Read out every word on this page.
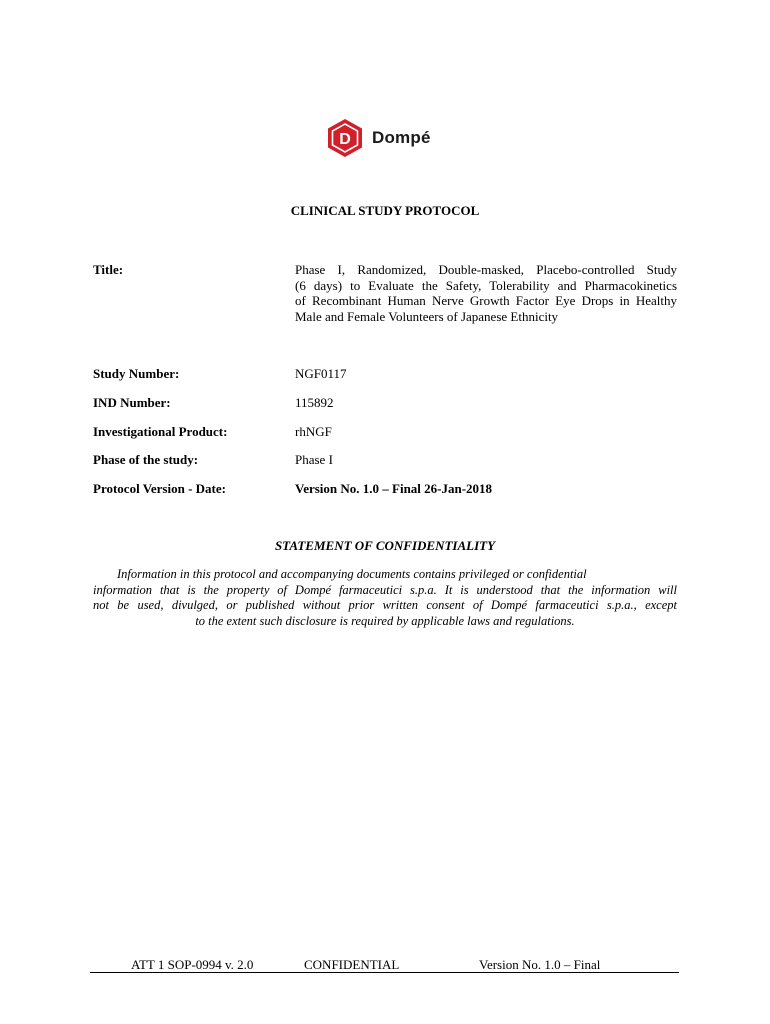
D Dompé
CLINICAL STUDY PROTOCOL
Title:	Phase I, Randomized, Double-masked, Placebo-controlled Study
(6 days) to Evaluate the Safety, Tolerability and Pharmacokinetics
of Recombinant Human Nerve Growth Factor Eye Drops in Healthy
Male and Female Volunteers of Japanese Ethnicity
Study Number:	NGF0117
IND Number:	115892
Investigational Product:	rhNGF
Phase of the study:	Phase I
Protocol Version - Date:	Version No. 1.0 – Final 26-Jan-2018
STATEMENT OF CONFIDENTIALITY
Information in this protocol and accompanying documents contains privileged or confidential
information that is the property of Dompé farmaceutici s.p.a. It is understood that the information will
not be used, divulged, or published without prior written consent of Dompé farmaceutici s.p.a., except
to the extent such disclosure is required by applicable laws and regulations.
ATT 1 SOP-0994 v. 2.0	CONFIDENTIAL	Version No. 1.0 – Final
